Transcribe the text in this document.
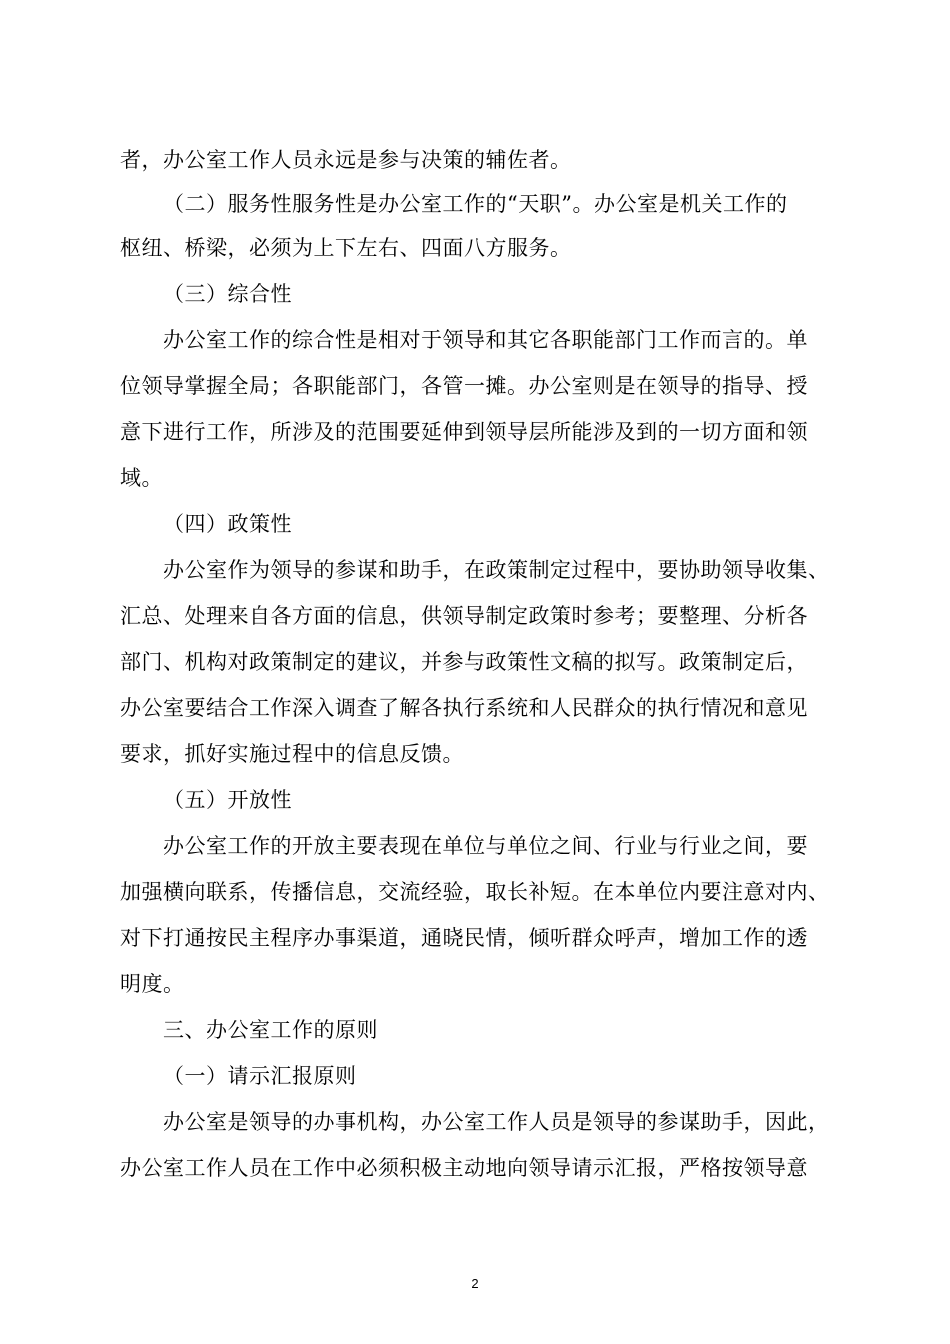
者，办公室工作人员永远是参与决策的辅佐者。
（二）服务性服务性是办公室工作的“天职”。办公室是机关工作的
枢纽、桥梁，必须为上下左右、四面八方服务。
（三）综合性
办公室工作的综合性是相对于领导和其它各职能部门工作而言的。单
位领导掌握全局；各职能部门，各管一摊。办公室则是在领导的指导、授
意下进行工作，所涉及的范围要延伸到领导层所能涉及到的一切方面和领
域。
（四）政策性
办公室作为领导的参谋和助手，在政策制定过程中，要协助领导收集、
汇总、处理来自各方面的信息，供领导制定政策时参考；要整理、分析各
部门、机构对政策制定的建议，并参与政策性文稿的拟写。政策制定后，
办公室要结合工作深入调查了解各执行系统和人民群众的执行情况和意见
要求，抓好实施过程中的信息反馈。
（五）开放性
办公室工作的开放主要表现在单位与单位之间、行业与行业之间，要
加强横向联系，传播信息，交流经验，取长补短。在本单位内要注意对内、
对下打通按民主程序办事渠道，通晓民情，倾听群众呼声，增加工作的透
明度。
三、办公室工作的原则
（一）请示汇报原则
办公室是领导的办事机构，办公室工作人员是领导的参谋助手，因此，
办公室工作人员在工作中必须积极主动地向领导请示汇报，严格按领导意
2
